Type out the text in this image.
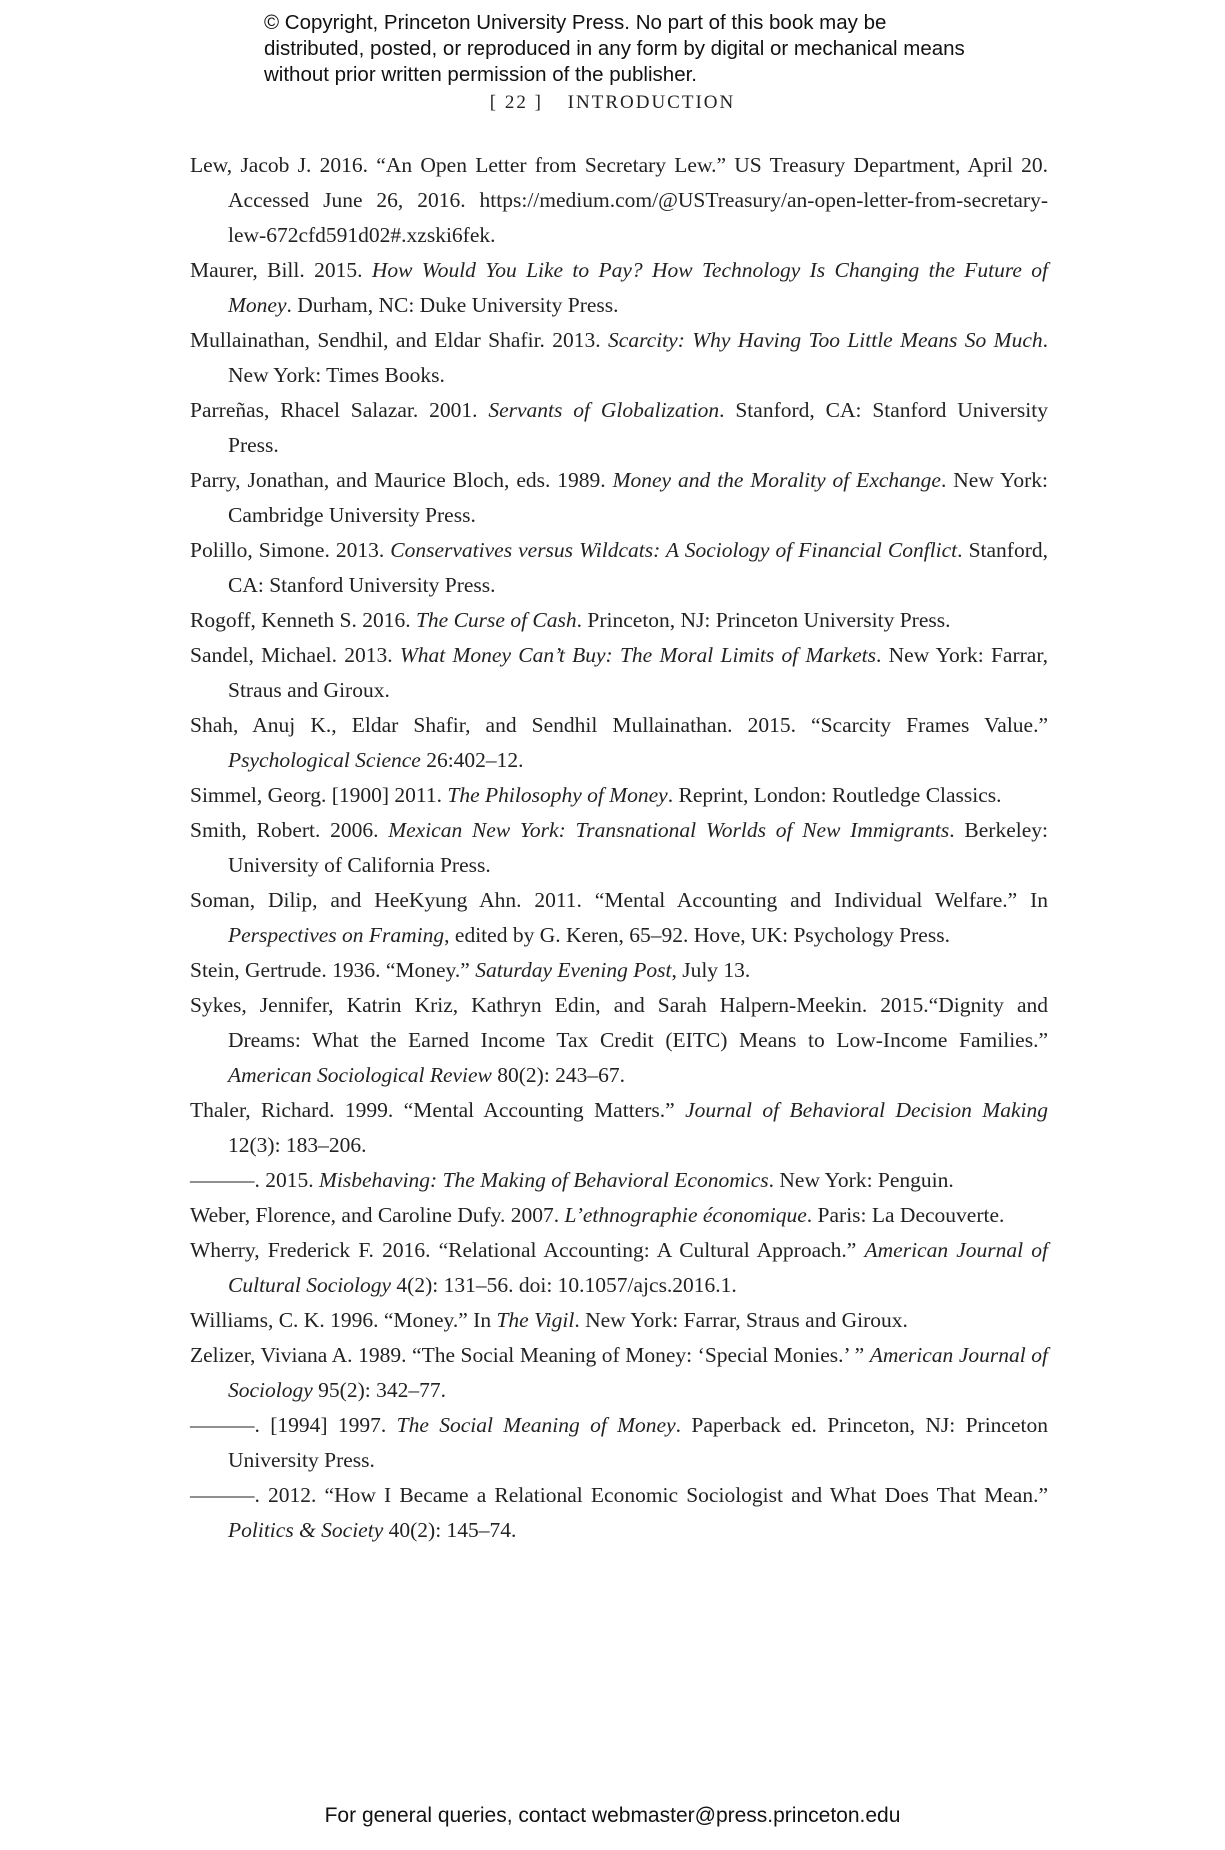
© Copyright, Princeton University Press. No part of this book may be distributed, posted, or reproduced in any form by digital or mechanical means without prior written permission of the publisher.
[ 22 ] INTRODUCTION

Lew, Jacob J. 2016. “An Open Letter from Secretary Lew.” US Treasury Department, April 20. Accessed June 26, 2016. https://medium.com/@USTreasury/an-open-letter-from-secretary-lew-672cfd591d02#.xzski6fek.

Maurer, Bill. 2015. How Would You Like to Pay? How Technology Is Changing the Future of Money. Durham, NC: Duke University Press.

Mullainathan, Sendhil, and Eldar Shafir. 2013. Scarcity: Why Having Too Little Means So Much. New York: Times Books.

Parreñas, Rhacel Salazar. 2001. Servants of Globalization. Stanford, CA: Stanford University Press.

Parry, Jonathan, and Maurice Bloch, eds. 1989. Money and the Morality of Exchange. New York: Cambridge University Press.

Polillo, Simone. 2013. Conservatives versus Wildcats: A Sociology of Financial Conflict. Stanford, CA: Stanford University Press.

Rogoff, Kenneth S. 2016. The Curse of Cash. Princeton, NJ: Princeton University Press.

Sandel, Michael. 2013. What Money Can’t Buy: The Moral Limits of Markets. New York: Farrar, Straus and Giroux.

Shah, Anuj K., Eldar Shafir, and Sendhil Mullainathan. 2015. “Scarcity Frames Value.” Psychological Science 26:402–12.

Simmel, Georg. [1900] 2011. The Philosophy of Money. Reprint, London: Routledge Classics.

Smith, Robert. 2006. Mexican New York: Transnational Worlds of New Immigrants. Berkeley: University of California Press.

Soman, Dilip, and HeeKyung Ahn. 2011. “Mental Accounting and Individual Welfare.” In Perspectives on Framing, edited by G. Keren, 65–92. Hove, UK: Psychology Press.

Stein, Gertrude. 1936. “Money.” Saturday Evening Post, July 13.

Sykes, Jennifer, Katrin Kriz, Kathryn Edin, and Sarah Halpern-Meekin. 2015.“Dignity and Dreams: What the Earned Income Tax Credit (EITC) Means to Low-Income Families.” American Sociological Review 80(2): 243–67.

Thaler, Richard. 1999. “Mental Accounting Matters.” Journal of Behavioral Decision Making 12(3): 183–206.

———. 2015. Misbehaving: The Making of Behavioral Economics. New York: Penguin.

Weber, Florence, and Caroline Dufy. 2007. L’ethnographie économique. Paris: La Decouverte.

Wherry, Frederick F. 2016. “Relational Accounting: A Cultural Approach.” American Journal of Cultural Sociology 4(2): 131–56. doi: 10.1057/ajcs.2016.1.

Williams, C. K. 1996. “Money.” In The Vigil. New York: Farrar, Straus and Giroux.

Zelizer, Viviana A. 1989. “The Social Meaning of Money: ‘Special Monies.’ ” American Journal of Sociology 95(2): 342–77.

———. [1994] 1997. The Social Meaning of Money. Paperback ed. Princeton, NJ: Princeton University Press.

———. 2012. “How I Became a Relational Economic Sociologist and What Does That Mean.” Politics & Society 40(2): 145–74.

For general queries, contact webmaster@press.princeton.edu
